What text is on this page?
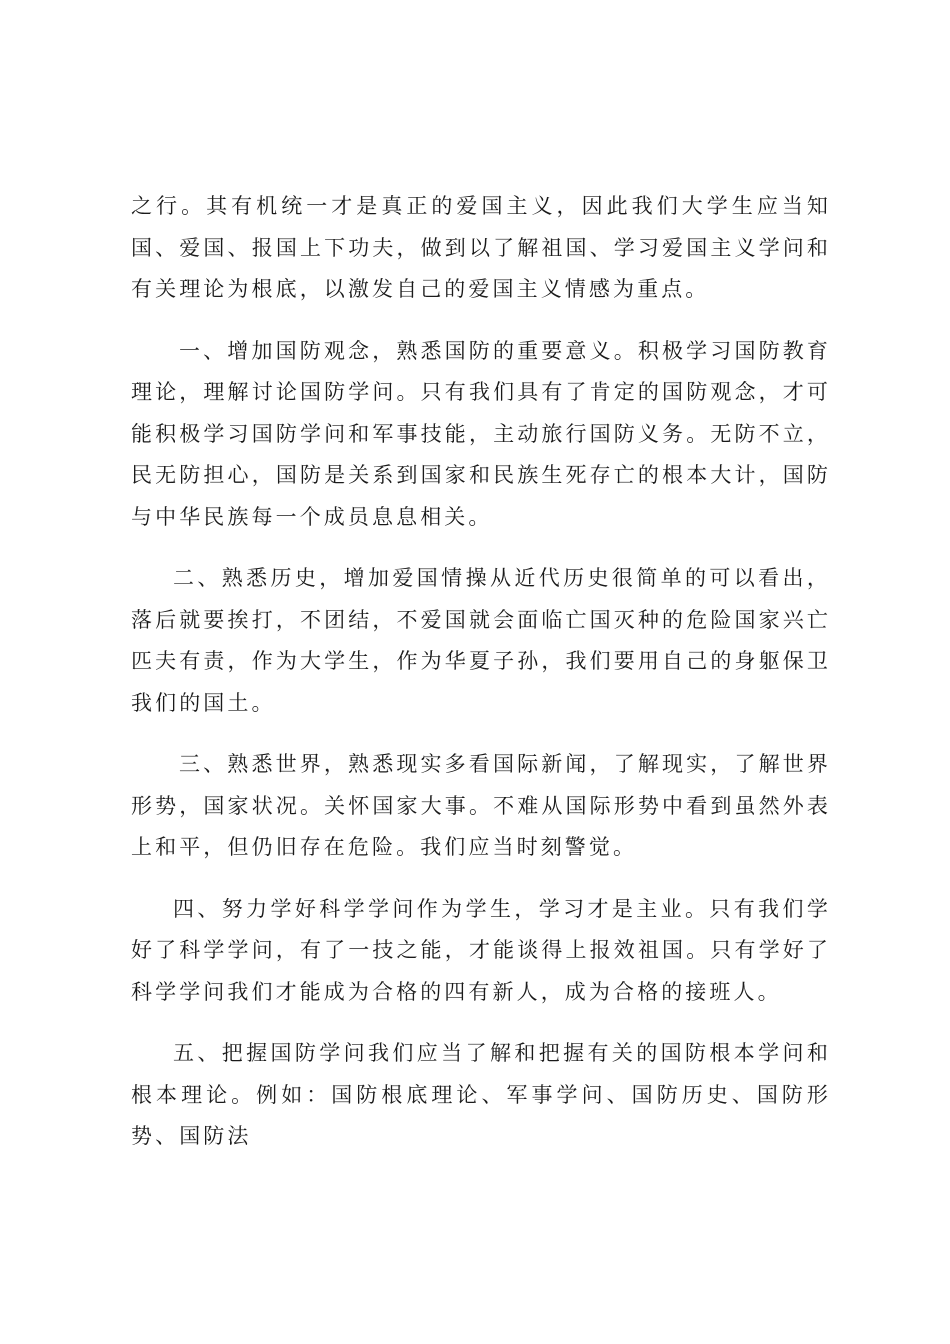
之行。其有机统一才是真正的爱国主义，因此我们大学生应当知国、爱国、报国上下功夫，做到以了解祖国、学习爱国主义学问和有关理论为根底，以激发自己的爱国主义情感为重点。

一、增加国防观念，熟悉国防的重要意义。积极学习国防教育理论，理解讨论国防学问。只有我们具有了肯定的国防观念，才可能积极学习国防学问和军事技能，主动旅行国防义务。无防不立，民无防担心，国防是关系到国家和民族生死存亡的根本大计，国防与中华民族每一个成员息息相关。

二、熟悉历史，增加爱国情操从近代历史很简单的可以看出，落后就要挨打，不团结，不爱国就会面临亡国灭种的危险国家兴亡匹夫有责，作为大学生，作为华夏子孙，我们要用自己的身躯保卫我们的国土。

三、熟悉世界，熟悉现实多看国际新闻，了解现实，了解世界形势，国家状况。关怀国家大事。不难从国际形势中看到虽然外表上和平，但仍旧存在危险。我们应当时刻警觉。

四、努力学好科学学问作为学生，学习才是主业。只有我们学好了科学学问，有了一技之能，才能谈得上报效祖国。只有学好了科学学问我们才能成为合格的四有新人，成为合格的接班人。

五、把握国防学问我们应当了解和把握有关的国防根本学问和根本理论。例如：国防根底理论、军事学问、国防历史、国防形势、国防法
